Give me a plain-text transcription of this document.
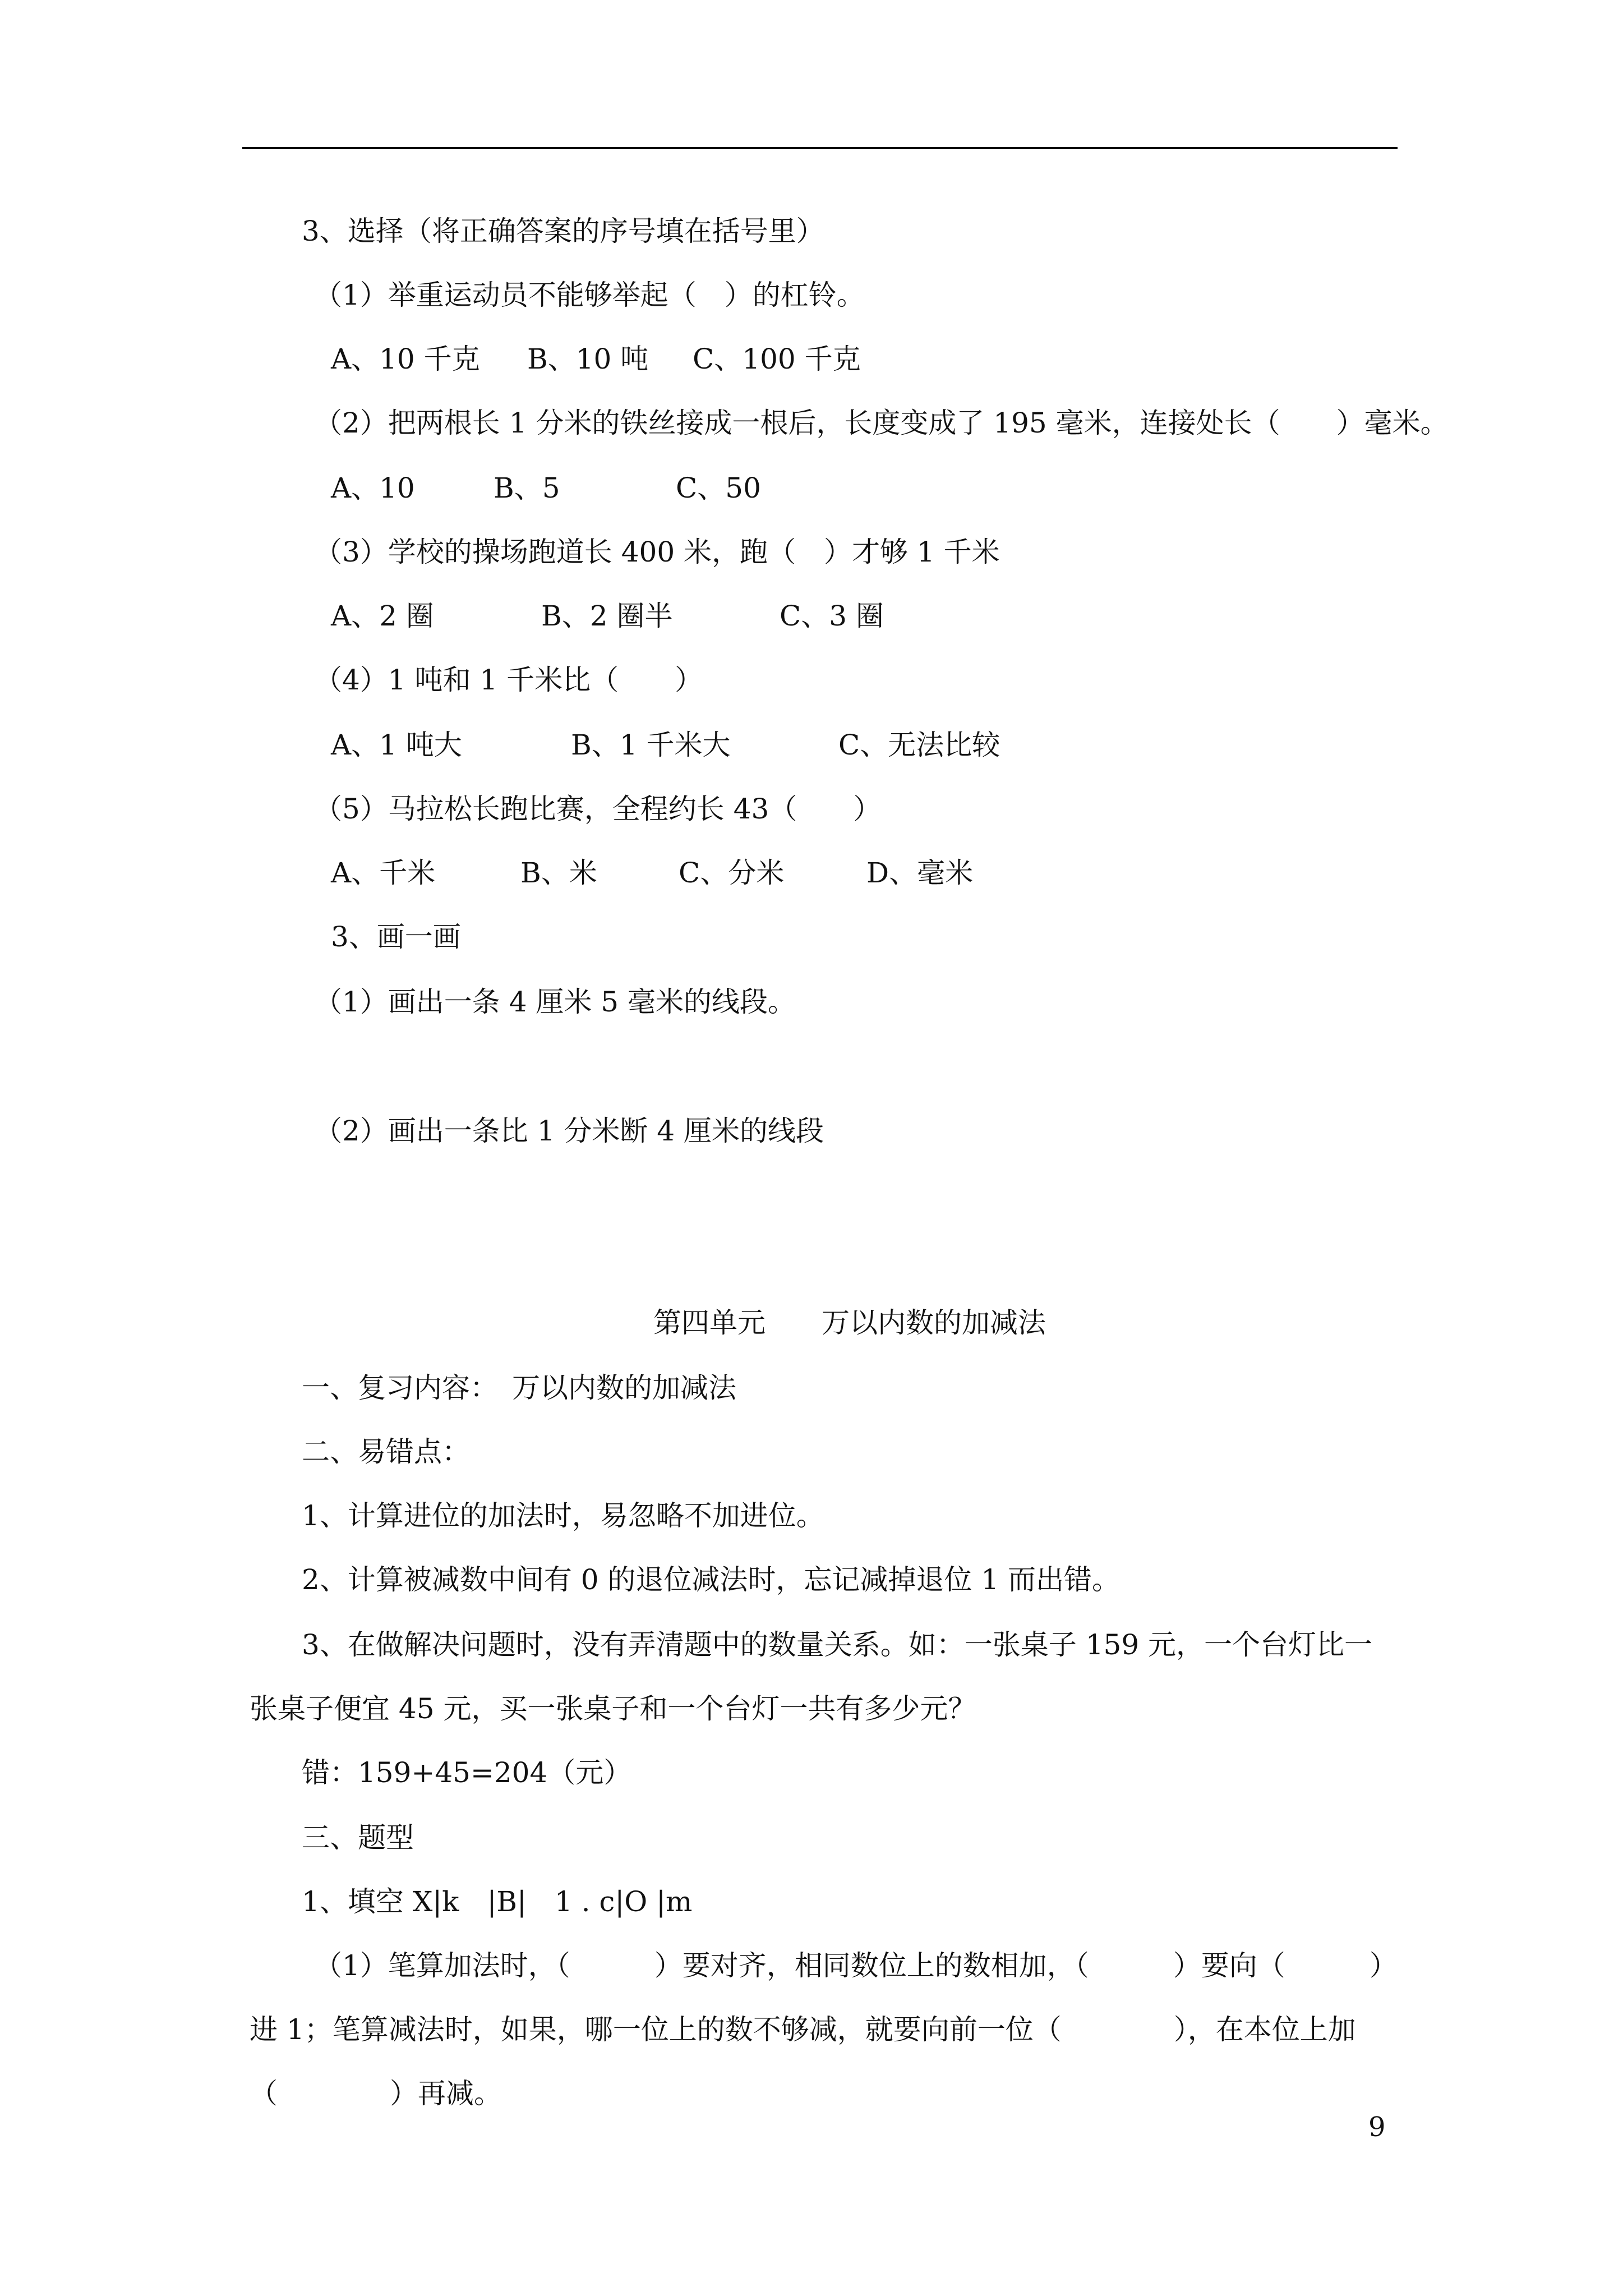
3、选择（将正确答案的序号填在括号里）
（1）举重运动员不能够举起（　）的杠铃。
A、10 千克 B、10 吨 C、100 千克
（2）把两根长 1 分米的铁丝接成一根后，长度变成了 195 毫米，连接处长（　　）毫米。
A、10	B、5	C、50
（3）学校的操场跑道长 400 米，跑（　）才够 1 千米
A、2 圈	B、2 圈半	C、3 圈
（4）1 吨和 1 千米比（　　）
A、1 吨大	B、1 千米大	C、无法比较
（5）马拉松长跑比赛，全程约长 43（　　）
A、千米	B、米	C、分米	D、毫米
3、画一画
（1）画出一条 4 厘米 5 毫米的线段。
（2）画出一条比 1 分米断 4 厘米的线段
第四单元　　万以内数的加减法
一、复习内容：　万以内数的加减法
二、易错点：
1、计算进位的加法时，易忽略不加进位。
2、计算被减数中间有 0 的退位减法时，忘记减掉退位 1 而出错。
3、在做解决问题时，没有弄清题中的数量关系。如：一张桌子 159 元，一个台灯比一
张桌子便宜 45 元，买一张桌子和一个台灯一共有多少元？
错：159+45=204（元）
三、题型
1、填空 X|k　|B|　1 . c|O |m
（1）笔算加法时，（　　　）要对齐，相同数位上的数相加，（　　　）要向（　　　）
进 1；笔算减法时，如果，哪一位上的数不够减，就要向前一位（　　　　），在本位上加
（　　　　）再减。
9
